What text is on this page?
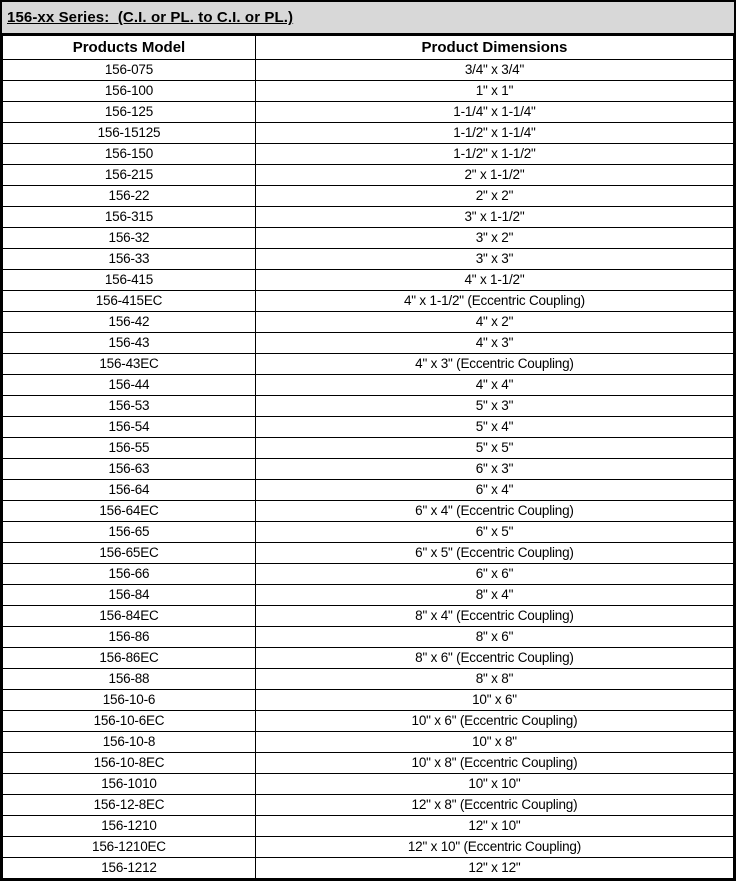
156-xx Series:  (C.I. or PL. to C.I. or PL.)
Products Model	Product Dimensions
156-075	3/4" x 3/4"
156-100	1" x 1"
156-125	1-1/4" x 1-1/4"
156-15125	1-1/2" x 1-1/4"
156-150	1-1/2" x 1-1/2"
156-215	2" x 1-1/2"
156-22	2" x 2"
156-315	3" x 1-1/2"
156-32	3" x 2"
156-33	3" x 3"
156-415	4" x 1-1/2"
156-415EC	4" x 1-1/2" (Eccentric Coupling)
156-42	4" x 2"
156-43	4" x 3"
156-43EC	4" x 3" (Eccentric Coupling)
156-44	4" x 4"
156-53	5" x 3"
156-54	5" x 4"
156-55	5" x 5"
156-63	6" x 3"
156-64	6" x 4"
156-64EC	6" x 4" (Eccentric Coupling)
156-65	6" x 5"
156-65EC	6" x 5" (Eccentric Coupling)
156-66	6" x 6"
156-84	8" x 4"
156-84EC	8" x 4" (Eccentric Coupling)
156-86	8" x 6"
156-86EC	8" x 6" (Eccentric Coupling)
156-88	8" x 8"
156-10-6	10" x 6"
156-10-6EC	10" x 6" (Eccentric Coupling)
156-10-8	10" x 8"
156-10-8EC	10" x 8" (Eccentric Coupling)
156-1010	10" x 10"
156-12-8EC	12" x 8" (Eccentric Coupling)
156-1210	12" x 10"
156-1210EC	12" x 10" (Eccentric Coupling)
156-1212	12" x 12"
